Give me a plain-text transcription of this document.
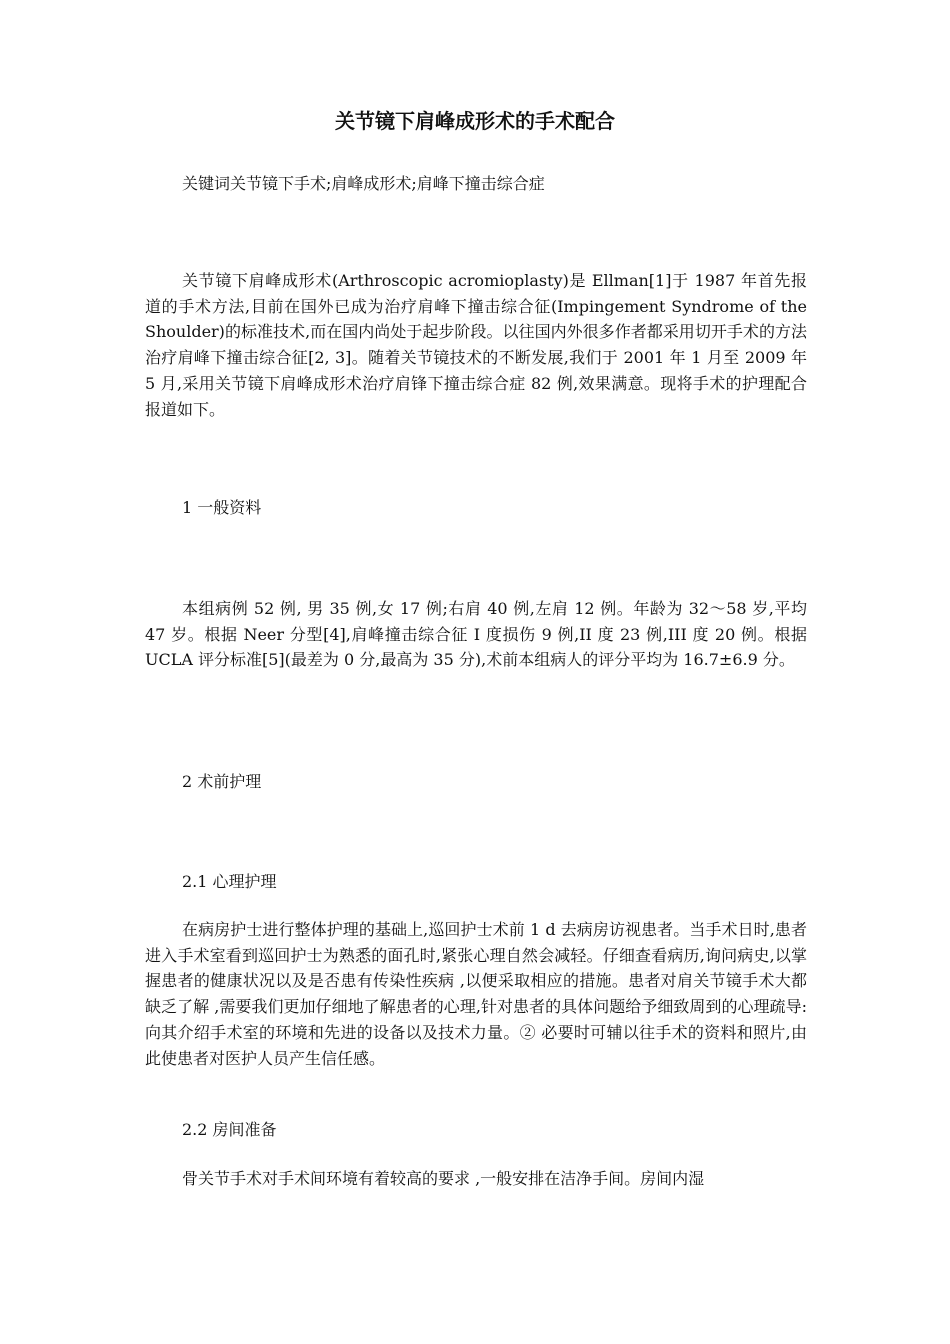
关节镜下肩峰成形术的手术配合

关键词关节镜下手术;肩峰成形术;肩峰下撞击综合症

关节镜下肩峰成形术(Arthroscopic acromioplasty)是 Ellman[1]于 1987 年首先报道的手术方法,目前在国外已成为治疗肩峰下撞击综合征(Impingement Syndrome of the Shoulder)的标准技术,而在国内尚处于起步阶段。以往国内外很多作者都采用切开手术的方法治疗肩峰下撞击综合征[2, 3]。随着关节镜技术的不断发展,我们于 2001 年 1 月至 2009 年 5 月,采用关节镜下肩峰成形术治疗肩锋下撞击综合症 82 例,效果满意。现将手术的护理配合报道如下。

1 一般资料

本组病例 52 例, 男 35 例,女 17 例;右肩 40 例,左肩 12 例。年龄为 32～58 岁,平均 47 岁。根据 Neer 分型[4],肩峰撞击综合征 I 度损伤 9 例,II 度 23 例,III 度 20 例。根据 UCLA 评分标准[5](最差为 0 分,最高为 35 分),术前本组病人的评分平均为 16.7±6.9 分。

2 术前护理

2.1 心理护理

在病房护士进行整体护理的基础上,巡回护士术前 1 d 去病房访视患者。当手术日时,患者进入手术室看到巡回护士为熟悉的面孔时,紧张心理自然会减轻。仔细查看病历,询问病史,以掌握患者的健康状况以及是否患有传染性疾病 ,以便采取相应的措施。患者对肩关节镜手术大都缺乏了解 ,需要我们更加仔细地了解患者的心理,针对患者的具体问题给予细致周到的心理疏导:向其介绍手术室的环境和先进的设备以及技术力量。② 必要时可辅以往手术的资料和照片,由此使患者对医护人员产生信任感。

2.2 房间准备

骨关节手术对手术间环境有着较高的要求 ,一般安排在洁净手间。房间内湿
